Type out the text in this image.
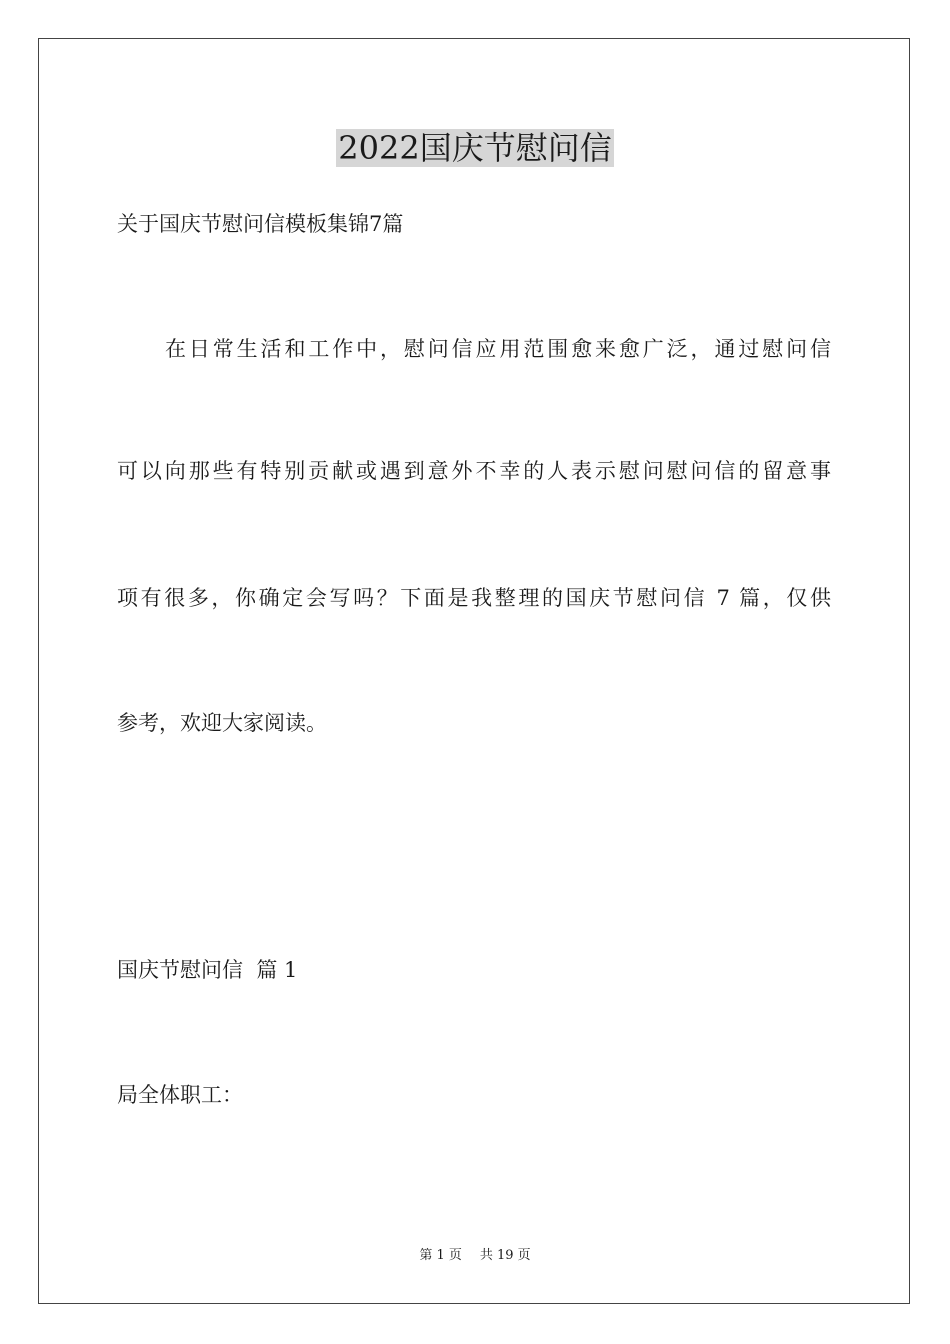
2022国庆节慰问信
关于国庆节慰问信模板集锦7篇
在日常生活和工作中，慰问信应用范围愈来愈广泛，通过慰问信
可以向那些有特别贡献或遇到意外不幸的人表示慰问慰问信的留意事
项有很多，你确定会写吗？下面是我整理的国庆节慰问信 7 篇，仅供
参考，欢迎大家阅读。
国庆节慰问信  篇 1
局全体职工：
第 1 页 共 19 页
